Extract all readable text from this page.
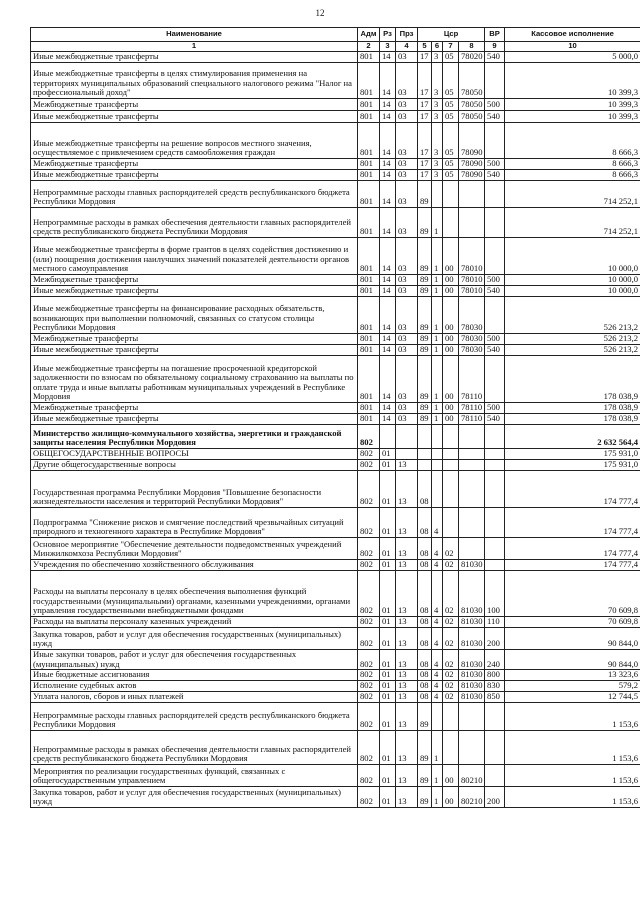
12
Наименование	Адм	Рз	Прз	Цср				ВР	Кассовое исполнение
1	2	3	4	5	6	7	8	9	10
Иные межбюджетные трансферты	801	14	03	17	3	05	78020	540	5 000,0
Иные межбюджетные трансферты в целях стимулирования применения на территориях муниципальных образований специального налогового режима "Налог на профессиональный доход"	801	14	03	17	3	05	78050		10 399,3
Межбюджетные трансферты	801	14	03	17	3	05	78050	500	10 399,3
Иные межбюджетные трансферты	801	14	03	17	3	05	78050	540	10 399,3
Иные межбюджетные трансферты на решение вопросов местного значения, осуществляемое с привлечением средств самообложения граждан	801	14	03	17	3	05	78090		8 666,3
Межбюджетные трансферты	801	14	03	17	3	05	78090	500	8 666,3
Иные межбюджетные трансферты	801	14	03	17	3	05	78090	540	8 666,3
Непрограммные расходы главных распорядителей средств республиканского бюджета Республики Мордовия	801	14	03	89					714 252,1
Непрограммные расходы в рамках обеспечения деятельности главных распорядителей средств республиканского бюджета Республики Мордовия	801	14	03	89	1				714 252,1
Иные межбюджетные трансферты в форме грантов в целях содействия достижению и (или) поощрения достижения наилучших значений показателей деятельности органов местного самоуправления	801	14	03	89	1	00	78010		10 000,0
Межбюджетные трансферты	801	14	03	89	1	00	78010	500	10 000,0
Иные межбюджетные трансферты	801	14	03	89	1	00	78010	540	10 000,0
Иные межбюджетные трансферты на финансирование расходных обязательств, возникающих при выполнении полномочий, связанных со статусом столицы Республики Мордовия	801	14	03	89	1	00	78030		526 213,2
Межбюджетные трансферты	801	14	03	89	1	00	78030	500	526 213,2
Иные межбюджетные трансферты	801	14	03	89	1	00	78030	540	526 213,2
Иные межбюджетные трансферты на погашение просроченной кредиторской задолженности по взносам по обязательному социальному страхованию на выплаты по оплате труда и иные выплаты работникам муниципальных учреждений в Республике Мордовия	801	14	03	89	1	00	78110		178 038,9
Межбюджетные трансферты	801	14	03	89	1	00	78110	500	178 038,9
Иные межбюджетные трансферты	801	14	03	89	1	00	78110	540	178 038,9
Министерство жилищно-коммунального хозяйства, энергетики и гражданской защиты населения Республики Мордовия	802								2 632 564,4
ОБЩЕГОСУДАРСТВЕННЫЕ ВОПРОСЫ	802	01							175 931,0
Другие общегосударственные вопросы	802	01	13						175 931,0
Государственная программа Республики Мордовия "Повышение безопасности жизнедеятельности населения и территорий Республики Мордовия"	802	01	13	08					174 777,4
Подпрограмма "Снижение рисков и смягчение последствий чрезвычайных ситуаций природного и техногенного характера в Республике Мордовия"	802	01	13	08	4				174 777,4
Основное мероприятие "Обеспечение деятельности подведомственных учреждений Минжилкомхоза Республики Мордовия"	802	01	13	08	4	02			174 777,4
Учреждения по обеспечению хозяйственного обслуживания	802	01	13	08	4	02	81030		174 777,4
Расходы на выплаты персоналу в целях обеспечения выполнения функций государственными (муниципальными) органами, казенными учреждениями, органами управления государственными внебюджетными фондами	802	01	13	08	4	02	81030	100	70 609,8
Расходы на выплаты персоналу казенных учреждений	802	01	13	08	4	02	81030	110	70 609,8
Закупка товаров, работ и услуг для обеспечения государственных (муниципальных) нужд	802	01	13	08	4	02	81030	200	90 844,0
Иные закупки товаров, работ и услуг для обеспечения государственных (муниципальных) нужд	802	01	13	08	4	02	81030	240	90 844,0
Иные бюджетные ассигнования	802	01	13	08	4	02	81030	800	13 323,6
Исполнение судебных актов	802	01	13	08	4	02	81030	830	579,2
Уплата налогов, сборов и иных платежей	802	01	13	08	4	02	81030	850	12 744,5
Непрограммные расходы главных распорядителей средств республиканского бюджета Республики Мордовия	802	01	13	89					1 153,6
Непрограммные расходы в рамках обеспечения деятельности главных распорядителей средств республиканского бюджета Республики Мордовия	802	01	13	89	1				1 153,6
Мероприятия по реализации государственных функций, связанных с общегосударственным управлением	802	01	13	89	1	00	80210		1 153,6
Закупка товаров, работ и услуг для обеспечения государственных (муниципальных) нужд	802	01	13	89	1	00	80210	200	1 153,6
